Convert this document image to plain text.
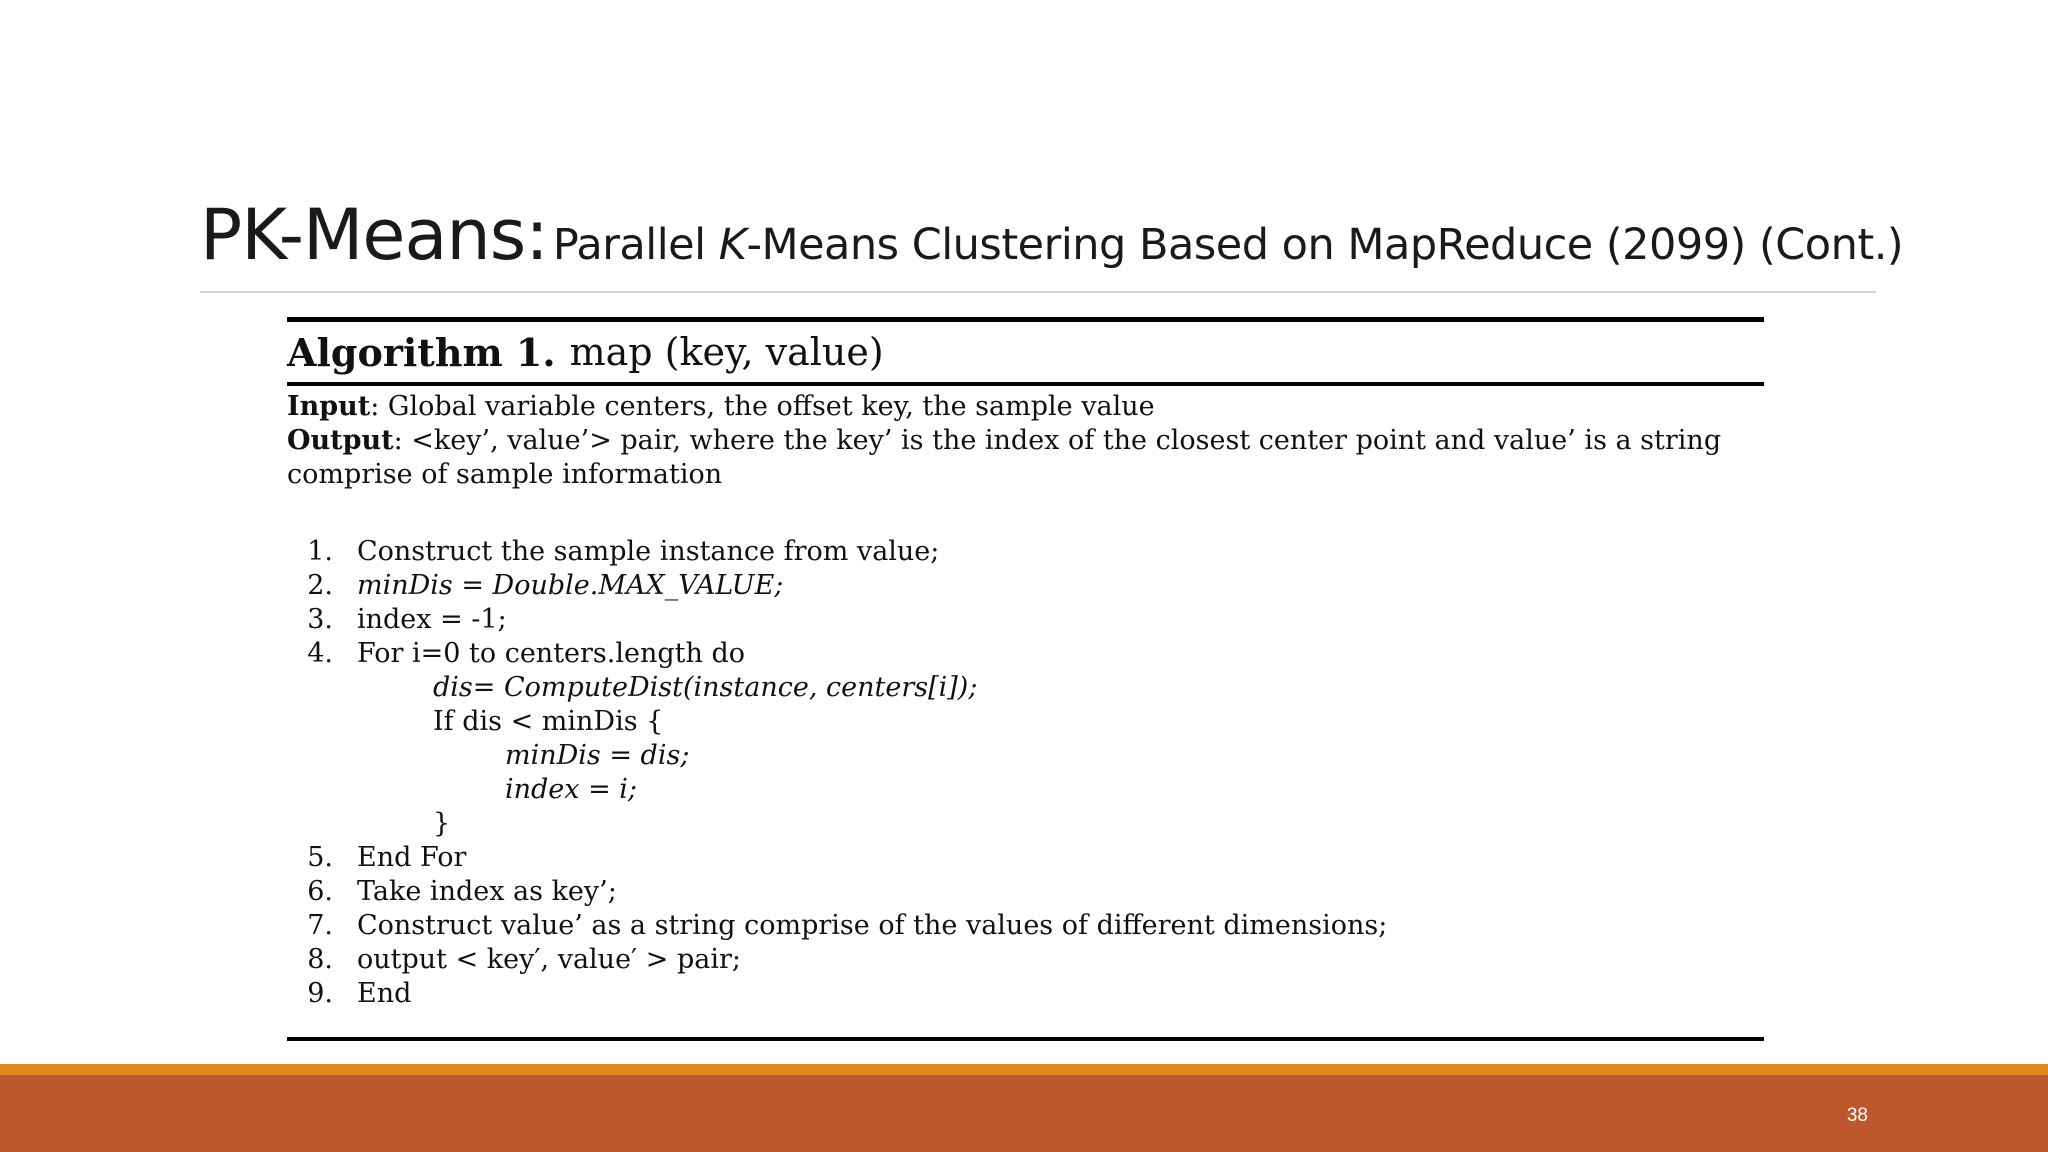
PK-Means: Parallel K-Means Clustering Based on MapReduce (2099) (Cont.)
Algorithm 1. map (key, value)
Input: Global variable centers, the offset key, the sample value
Output: <key’, value’> pair, where the key’ is the index of the closest center point and value’ is a string comprise of sample information
1. Construct the sample instance from value;
2. minDis = Double.MAX_VALUE;
3. index = -1;
4. For i=0 to centers.length do
dis= ComputeDist(instance, centers[i]);
If dis < minDis {
minDis = dis;
index = i;
}
5. End For
6. Take index as key’;
7. Construct value’ as a string comprise of the values of different dimensions;
8. output < key′, value′ > pair;
9. End
38
